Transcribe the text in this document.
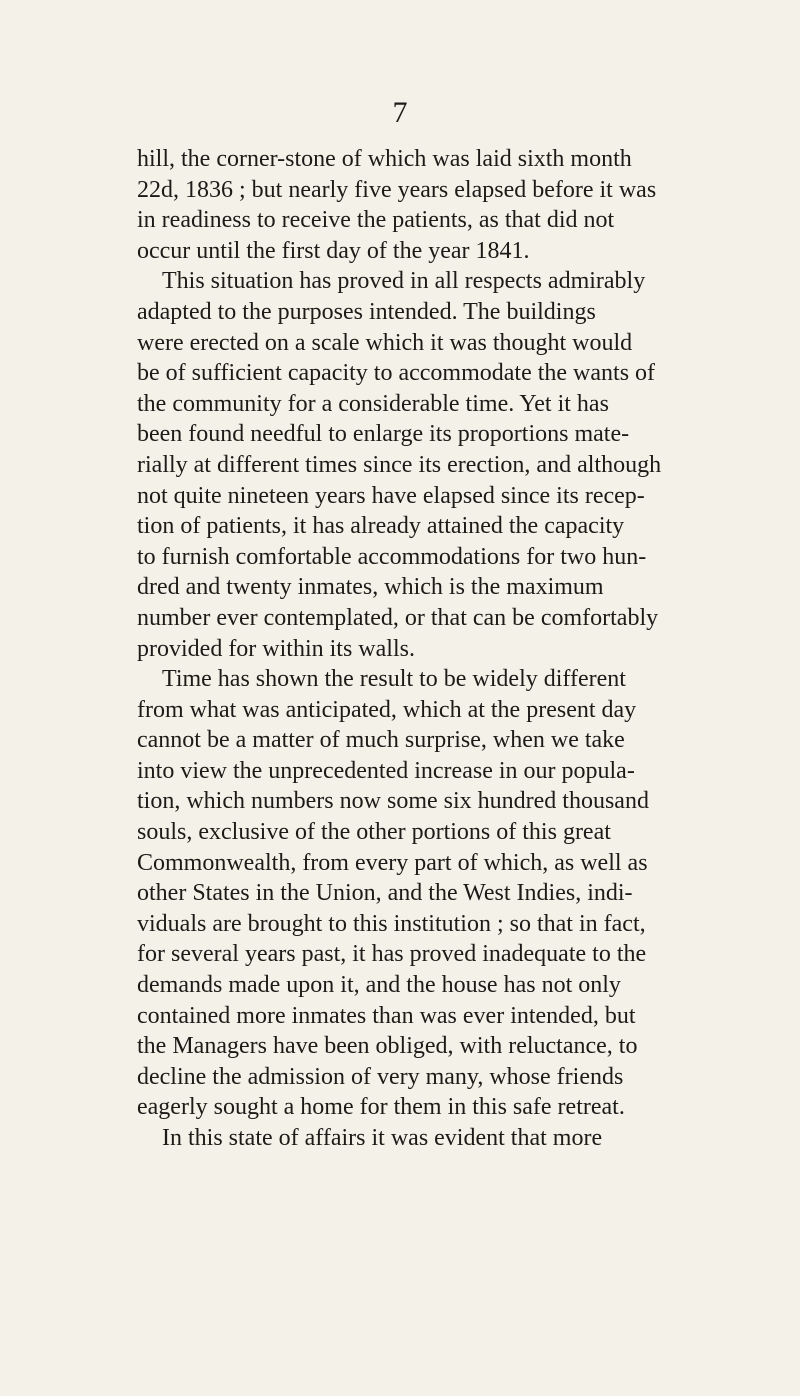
7
hill, the corner-stone of which was laid sixth month
22d, 1836 ; but nearly five years elapsed before it was
in readiness to receive the patients, as that did not
occur until the first day of the year 1841.
This situation has proved in all respects admirably
adapted to the purposes intended. The buildings
were erected on a scale which it was thought would
be of sufficient capacity to accommodate the wants of
the community for a considerable time. Yet it has
been found needful to enlarge its proportions mate-
rially at different times since its erection, and although
not quite nineteen years have elapsed since its recep-
tion of patients, it has already attained the capacity
to furnish comfortable accommodations for two hun-
dred and twenty inmates, which is the maximum
number ever contemplated, or that can be comfortably
provided for within its walls.
Time has shown the result to be widely different
from what was anticipated, which at the present day
cannot be a matter of much surprise, when we take
into view the unprecedented increase in our popula-
tion, which numbers now some six hundred thousand
souls, exclusive of the other portions of this great
Commonwealth, from every part of which, as well as
other States in the Union, and the West Indies, indi-
viduals are brought to this institution ; so that in fact,
for several years past, it has proved inadequate to the
demands made upon it, and the house has not only
contained more inmates than was ever intended, but
the Managers have been obliged, with reluctance, to
decline the admission of very many, whose friends
eagerly sought a home for them in this safe retreat.
In this state of affairs it was evident that more
